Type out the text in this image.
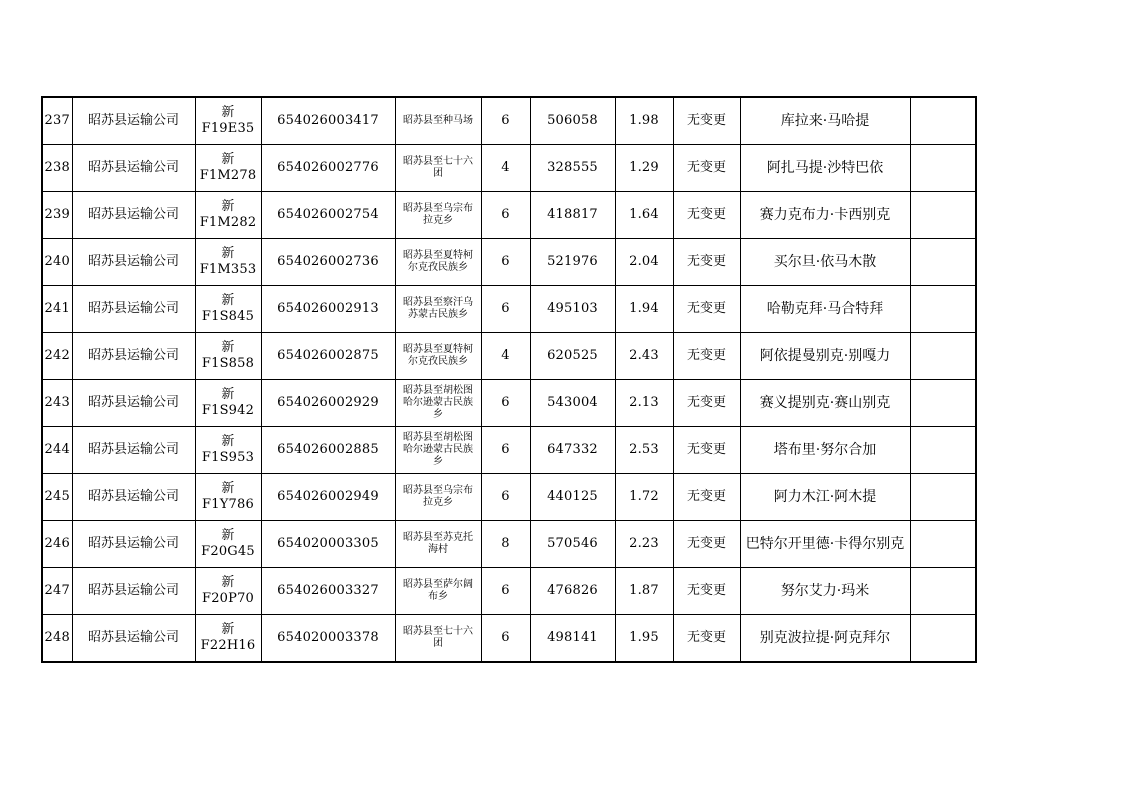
237	昭苏县运输公司	新F19E35	654026003417	昭苏县至种马场	6	506058	1.98	无变更	库拉来·马哈提	
238	昭苏县运输公司	新F1M278	654026002776	昭苏县至七十六团	4	328555	1.29	无变更	阿扎马提·沙特巴依	
239	昭苏县运输公司	新F1M282	654026002754	昭苏县至乌宗布拉克乡	6	418817	1.64	无变更	赛力克布力·卡西别克	
240	昭苏县运输公司	新F1M353	654026002736	昭苏县至夏特柯尔克孜民族乡	6	521976	2.04	无变更	买尔旦·依马木散	
241	昭苏县运输公司	新F1S845	654026002913	昭苏县至察汗乌苏蒙古民族乡	6	495103	1.94	无变更	哈勒克拜·马合特拜	
242	昭苏县运输公司	新F1S858	654026002875	昭苏县至夏特柯尔克孜民族乡	4	620525	2.43	无变更	阿依提曼别克·别嘎力	
243	昭苏县运输公司	新F1S942	654026002929	昭苏县至胡松图哈尔逊蒙古民族乡	6	543004	2.13	无变更	赛义提别克·赛山别克	
244	昭苏县运输公司	新F1S953	654026002885	昭苏县至胡松图哈尔逊蒙古民族乡	6	647332	2.53	无变更	塔布里·努尔合加	
245	昭苏县运输公司	新F1Y786	654026002949	昭苏县至乌宗布拉克乡	6	440125	1.72	无变更	阿力木江·阿木提	
246	昭苏县运输公司	新F20G45	654020003305	昭苏县至苏克托海村	8	570546	2.23	无变更	巴特尔开里德·卡得尔别克	
247	昭苏县运输公司	新F20P70	654026003327	昭苏县至萨尔阔布乡	6	476826	1.87	无变更	努尔艾力·玛米	
248	昭苏县运输公司	新F22H16	654020003378	昭苏县至七十六团	6	498141	1.95	无变更	别克波拉提·阿克拜尔	
